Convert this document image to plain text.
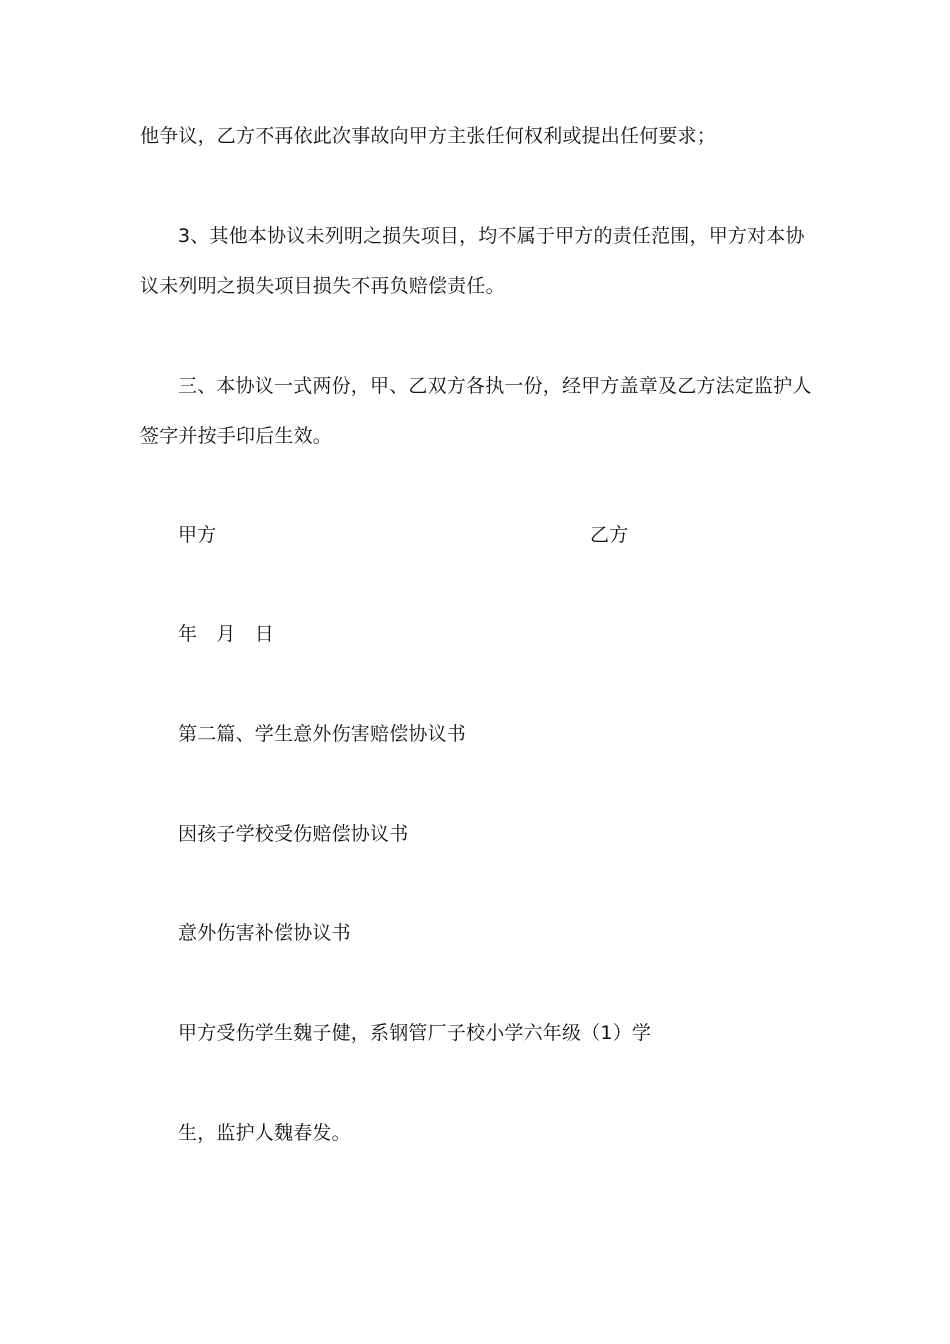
他争议，乙方不再依此次事故向甲方主张任何权利或提出任何要求；
3、其他本协议未列明之损失项目，均不属于甲方的责任范围，甲方对本协
议未列明之损失项目损失不再负赔偿责任。
三、本协议一式两份，甲、乙双方各执一份，经甲方盖章及乙方法定监护人
签字并按手印后生效。
甲方	乙方
年　月　日
第二篇、学生意外伤害赔偿协议书
因孩子学校受伤赔偿协议书
意外伤害补偿协议书
甲方受伤学生魏子健，系钢管厂子校小学六年级（1）学
生，监护人魏春发。
